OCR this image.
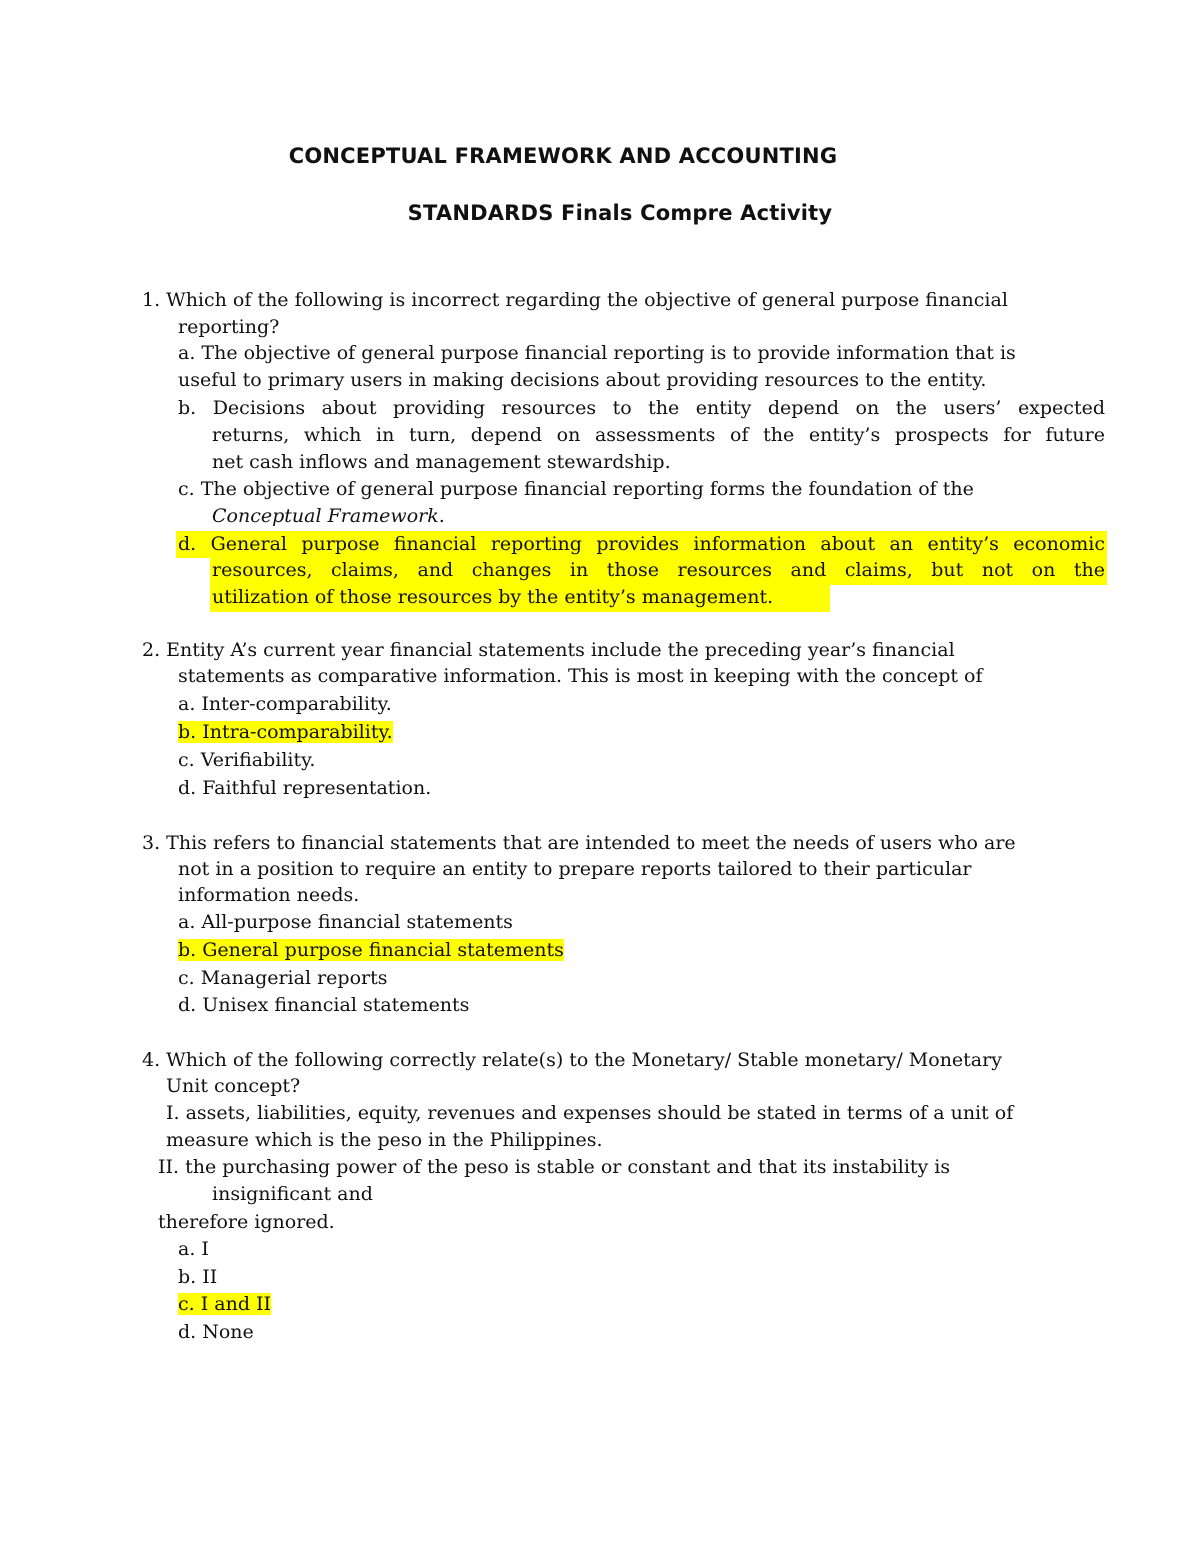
CONCEPTUAL FRAMEWORK AND ACCOUNTING
STANDARDS Finals Compre Activity
1. Which of the following is incorrect regarding the objective of general purpose financial
reporting?
a. The objective of general purpose financial reporting is to provide information that is
useful to primary users in making decisions about providing resources to the entity.
b. Decisions about providing resources to the entity depend on the users’ expected
returns, which in turn, depend on assessments of the entity’s prospects for future
net cash inflows and management stewardship.
c. The objective of general purpose financial reporting forms the foundation of the
Conceptual Framework.
d. General purpose financial reporting provides information about an entity’s economic
resources, claims, and changes in those resources and claims, but not on the
utilization of those resources by the entity’s management.
2. Entity A’s current year financial statements include the preceding year’s financial
statements as comparative information. This is most in keeping with the concept of
a. Inter-comparability.
b. Intra-comparability.
c. Verifiability.
d. Faithful representation.
3. This refers to financial statements that are intended to meet the needs of users who are
not in a position to require an entity to prepare reports tailored to their particular
information needs.
a. All-purpose financial statements
b. General purpose financial statements
c. Managerial reports
d. Unisex financial statements
4. Which of the following correctly relate(s) to the Monetary/ Stable monetary/ Monetary
Unit concept?
I. assets, liabilities, equity, revenues and expenses should be stated in terms of a unit of
measure which is the peso in the Philippines.
II. the purchasing power of the peso is stable or constant and that its instability is
insignificant and
therefore ignored.
a. I
b. II
c. I and II
d. None
